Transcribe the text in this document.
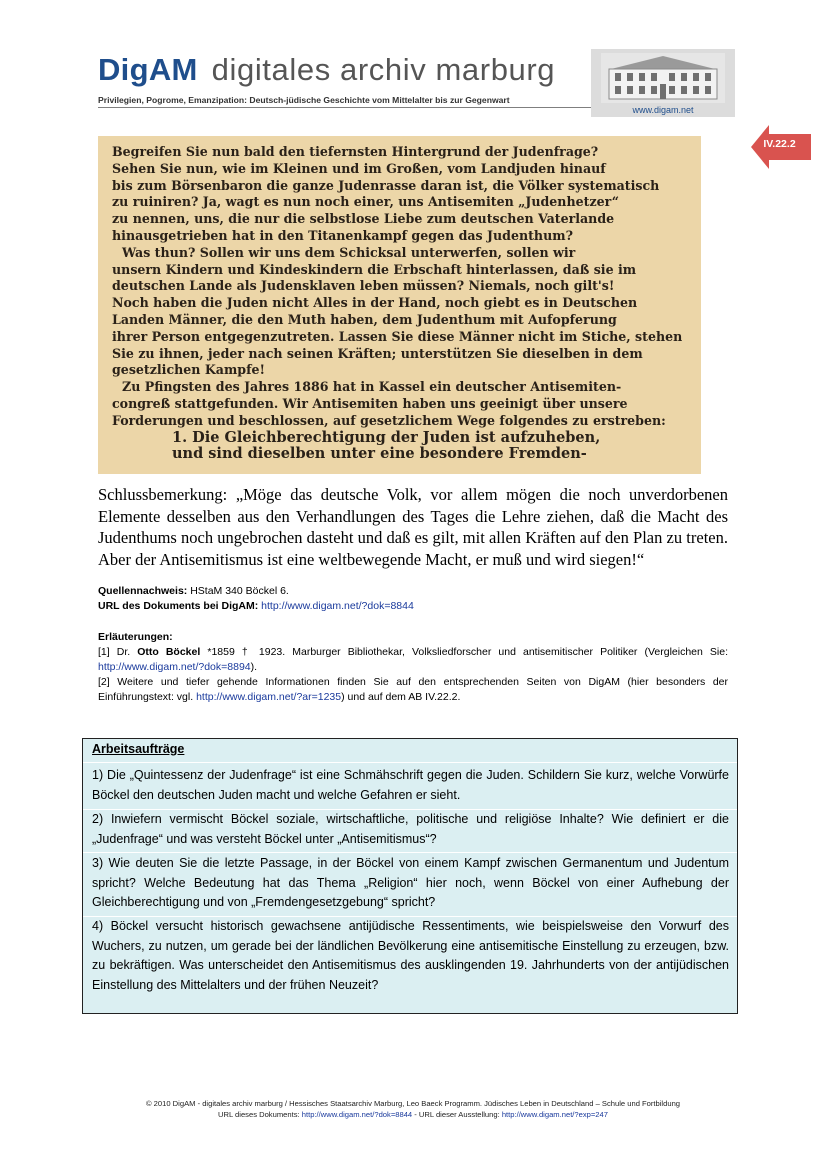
DigAM digitales archiv marburg
Privilegien, Pogrome, Emanzipation: Deutsch-jüdische Geschichte vom Mittelalter bis zur Gegenwart
www.digam.net
IV.22.2
Begreifen Sie nun bald den tiefernsten Hintergrund der Judenfrage?
Sehen Sie nun, wie im Kleinen und im Großen, vom Landjuden hinauf
bis zum Börsenbaron die ganze Judenrasse daran ist, die Völker systematisch
zu ruiniren? Ja, wagt es nun noch einer, uns Antisemiten „Judenhetzer“
zu nennen, uns, die nur die selbstlose Liebe zum deutschen Vaterlande
hinausgetrieben hat in den Titanenkampf gegen das Judenthum?
Was thun? Sollen wir uns dem Schicksal unterwerfen, sollen wir
unsern Kindern und Kindeskindern die Erbschaft hinterlassen, daß sie im
deutschen Lande als Judensklaven leben müssen? Niemals, noch gilt's!
Noch haben die Juden nicht Alles in der Hand, noch giebt es in Deutschen
Landen Männer, die den Muth haben, dem Judenthum mit Aufopferung
ihrer Person entgegenzutreten. Lassen Sie diese Männer nicht im Stiche, stehen
Sie zu ihnen, jeder nach seinen Kräften; unterstützen Sie dieselben in dem
gesetzlichen Kampfe!
Zu Pfingsten des Jahres 1886 hat in Kassel ein deutscher Antisemiten-
congreß stattgefunden. Wir Antisemiten haben uns geeinigt über unsere
Forderungen und beschlossen, auf gesetzlichem Wege folgendes zu erstreben:
1. Die Gleichberechtigung der Juden ist aufzuheben,
und sind dieselben unter eine besondere Fremden-
Schlussbemerkung: „Möge das deutsche Volk, vor allem mögen die noch unverdorbenen Elemente desselben aus den Verhandlungen des Tages die Lehre ziehen, daß die Macht des Judenthums noch ungebrochen dasteht und daß es gilt, mit allen Kräften auf den Plan zu treten. Aber der Antisemitismus ist eine weltbewegende Macht, er muß und wird siegen!“
Quellennachweis: HStaM 340 Böckel 6.
URL des Dokuments bei DigAM: http://www.digam.net/?dok=8844
Erläuterungen:
[1] Dr. Otto Böckel *1859 † 1923. Marburger Bibliothekar, Volksliedforscher und antisemitischer Politiker (Vergleichen Sie: http://www.digam.net/?dok=8894).
[2] Weitere und tiefer gehende Informationen finden Sie auf den entsprechenden Seiten von DigAM (hier besonders der Einführungstext: vgl. http://www.digam.net/?ar=1235) und auf dem AB IV.22.2.
Arbeitsaufträge
1) Die „Quintessenz der Judenfrage“ ist eine Schmähschrift gegen die Juden. Schildern Sie kurz, welche Vorwürfe Böckel den deutschen Juden macht und welche Gefahren er sieht.
2) Inwiefern vermischt Böckel soziale, wirtschaftliche, politische und religiöse Inhalte? Wie definiert er die „Judenfrage“ und was versteht Böckel unter „Antisemitismus“?
3) Wie deuten Sie die letzte Passage, in der Böckel von einem Kampf zwischen Germanentum und Judentum spricht? Welche Bedeutung hat das Thema „Religion“ hier noch, wenn Böckel von einer Aufhebung der Gleichberechtigung und von „Fremdengesetzgebung“ spricht?
4) Böckel versucht historisch gewachsene antijüdische Ressentiments, wie beispielsweise den Vorwurf des Wuchers, zu nutzen, um gerade bei der ländlichen Bevölkerung eine antisemitische Einstellung zu erzeugen, bzw. zu bekräftigen. Was unterscheidet den Antisemitismus des ausklingenden 19. Jahrhunderts von der antijüdischen Einstellung des Mittelalters und der frühen Neuzeit?
© 2010 DigAM - digitales archiv marburg / Hessisches Staatsarchiv Marburg, Leo Baeck Programm. Jüdisches Leben in Deutschland – Schule und Fortbildung
URL dieses Dokuments: http://www.digam.net/?dok=8844 - URL dieser Ausstellung: http://www.digam.net/?exp=247
